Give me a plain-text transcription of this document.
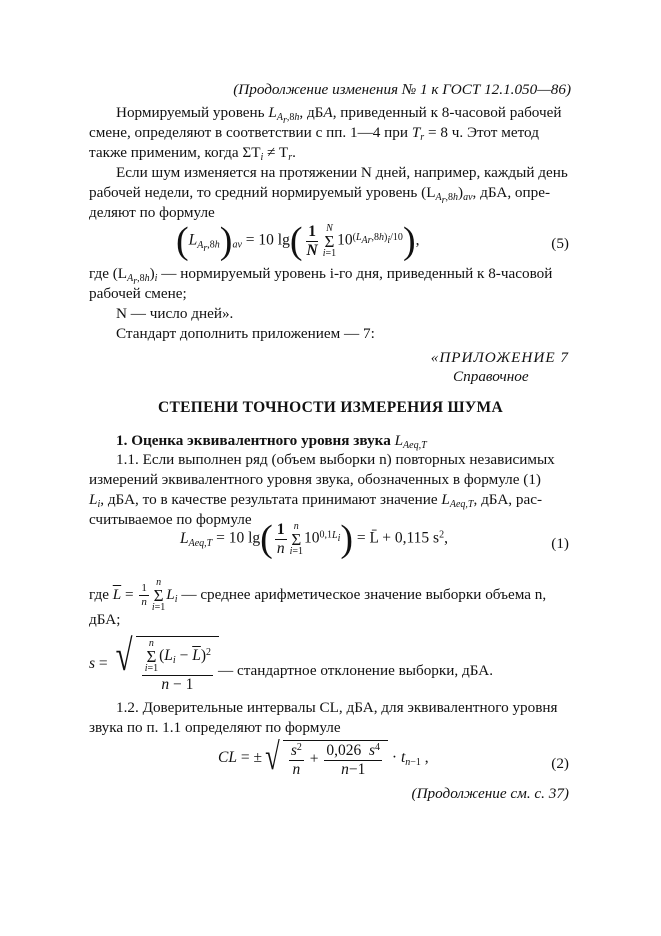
(Продолжение изменения № 1 к ГОСТ 12.1.050—86)
Нормируемый уровень $L_{A_r,8h}$, дБА, приведенный к 8-часовой рабочей
смене, определяют в соответствии с пп. 1—4 при $T_r = 8$ ч. Этот метод
также применим, когда $\Sigma T_i \ne T_r$.
Если шум изменяется на протяжении N дней, например, каждый день
рабочей недели, то средний нормируемый уровень $(L_{A_r,8h})_{av}$, дБА, опре-
деляют по формуле
$(L_{A_r,8h})_{av} = 10$ $\lg( \frac{1}{N}$ N
Σ
i=1
$10^{(L_{Ar},8h)_i/10}$),	(5)
где $(L_{A_r,8h})_i$ — нормируемый уровень i-го дня, приведенный к 8-часовой
рабочей смене;
N — число дней».
Стандарт дополнить приложением — 7:
«ПРИЛОЖЕНИЕ 7
Справочное
СТЕПЕНИ ТОЧНОСТИ ИЗМЕРЕНИЯ ШУМА
1. Оценка эквивалентного уровня звука $L_{Aeq,T}$
1.1. Если выполнен ряд (объем выборки n) повторных независимых
измерений эквивалентного уровня звука, обозначенных в формуле (1)
$L_i$, дБА, то в качестве результата принимают значение $L_{Aeq,T}$, дБА, рас-
считываемое по формуле
$L_{Aeq,T} = 10$ $\lg( \frac{1}{n}$ n
Σ
i=1
$10^{0,1L_i}$) = L̄ + 0,115 $s^2$,	(1)
где $\overline{L} = \frac{1}{n}$
n
Σ
i=1
$L_i$ — среднее арифметическое значение выборки объема n,
дБА;
s = √ n
Σ
i=1
$(L_i - \overline{L})^2$
n − 1 — стандартное отклонение выборки, дБА.
1.2. Доверительные интервалы CL, дБА, для эквивалентного уровня
звука по п. 1.1 определяют по формуле
CL = ± √ $\frac{s^2}{n} + \frac{0,026 s^4}{n-1} \cdot t_{n-1}$ ,	(2)
(Продолжение см. с. 37)
